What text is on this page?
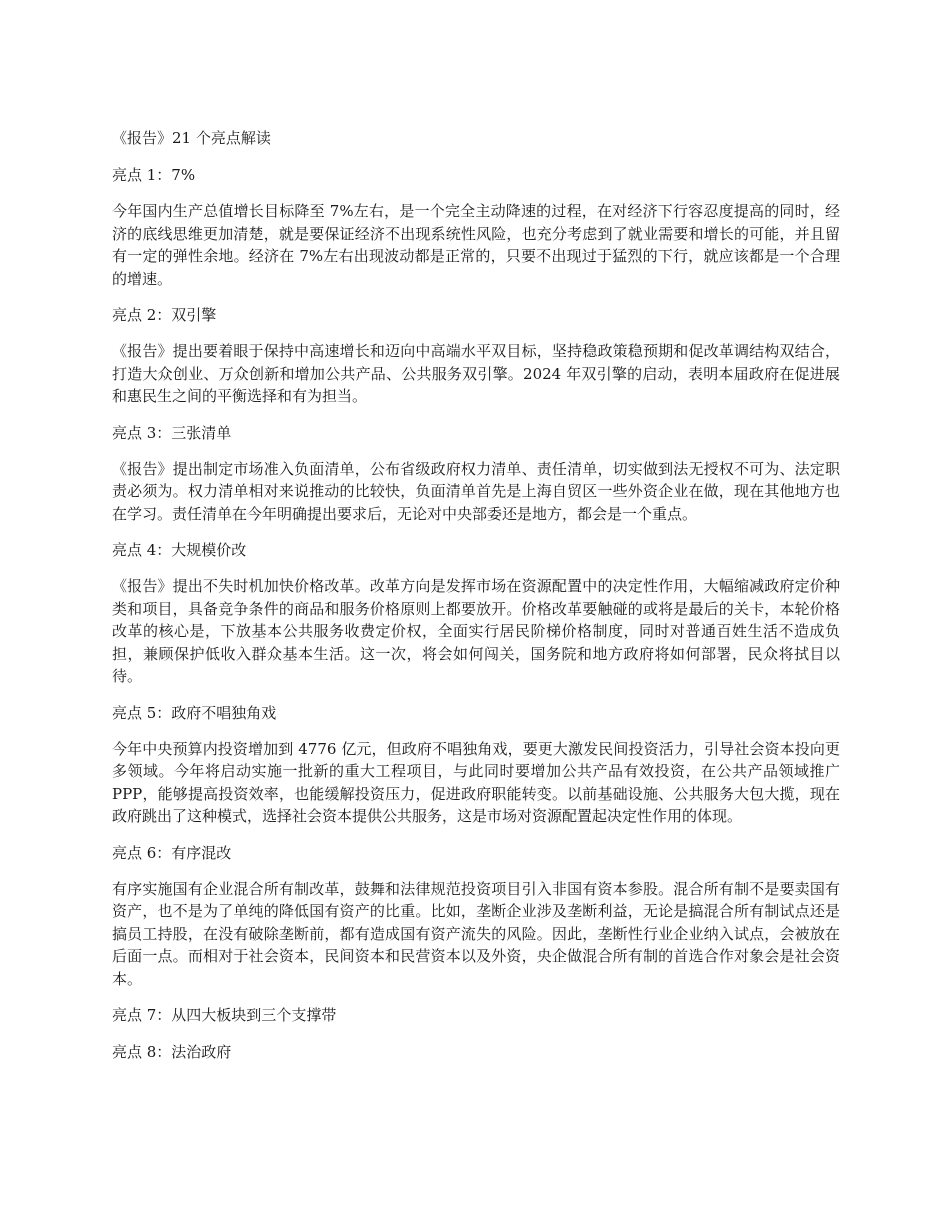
《报告》21 个亮点解读
亮点 1：7%

今年国内生产总值增长目标降至 7%左右，是一个完全主动降速的过程，在对经济下行容忍度提高的同时，经济的底线思维更加清楚，就是要保证经济不出现系统性风险，也充分考虑到了就业需要和增长的可能，并且留有一定的弹性余地。经济在 7%左右出现波动都是正常的，只要不出现过于猛烈的下行，就应该都是一个合理的增速。

亮点 2：双引擎

《报告》提出要着眼于保持中高速增长和迈向中高端水平双目标，坚持稳政策稳预期和促改革调结构双结合，打造大众创业、万众创新和增加公共产品、公共服务双引擎。2024 年双引擎的启动，表明本届政府在促进展和惠民生之间的平衡选择和有为担当。

亮点 3：三张清单

《报告》提出制定市场准入负面清单，公布省级政府权力清单、责任清单，切实做到法无授权不可为、法定职责必须为。权力清单相对来说推动的比较快，负面清单首先是上海自贸区一些外资企业在做，现在其他地方也在学习。责任清单在今年明确提出要求后，无论对中央部委还是地方，都会是一个重点。

亮点 4：大规模价改

《报告》提出不失时机加快价格改革。改革方向是发挥市场在资源配置中的决定性作用，大幅缩减政府定价种类和项目，具备竞争条件的商品和服务价格原则上都要放开。价格改革要触碰的或将是最后的关卡，本轮价格改革的核心是，下放基本公共服务收费定价权，全面实行居民阶梯价格制度，同时对普通百姓生活不造成负担，兼顾保护低收入群众基本生活。这一次，将会如何闯关，国务院和地方政府将如何部署，民众将拭目以待。

亮点 5：政府不唱独角戏

今年中央预算内投资增加到 4776 亿元，但政府不唱独角戏，要更大激发民间投资活力，引导社会资本投向更多领域。今年将启动实施一批新的重大工程项目，与此同时要增加公共产品有效投资，在公共产品领域推广 PPP，能够提高投资效率，也能缓解投资压力，促进政府职能转变。以前基础设施、公共服务大包大揽，现在政府跳出了这种模式，选择社会资本提供公共服务，这是市场对资源配置起决定性作用的体现。

亮点 6：有序混改

有序实施国有企业混合所有制改革，鼓舞和法律规范投资项目引入非国有资本参股。混合所有制不是要卖国有资产，也不是为了单纯的降低国有资产的比重。比如，垄断企业涉及垄断利益，无论是搞混合所有制试点还是搞员工持股，在没有破除垄断前，都有造成国有资产流失的风险。因此，垄断性行业企业纳入试点，会被放在后面一点。而相对于社会资本，民间资本和民营资本以及外资，央企做混合所有制的首选合作对象会是社会资本。

亮点 7：从四大板块到三个支撑带
亮点 8：法治政府
